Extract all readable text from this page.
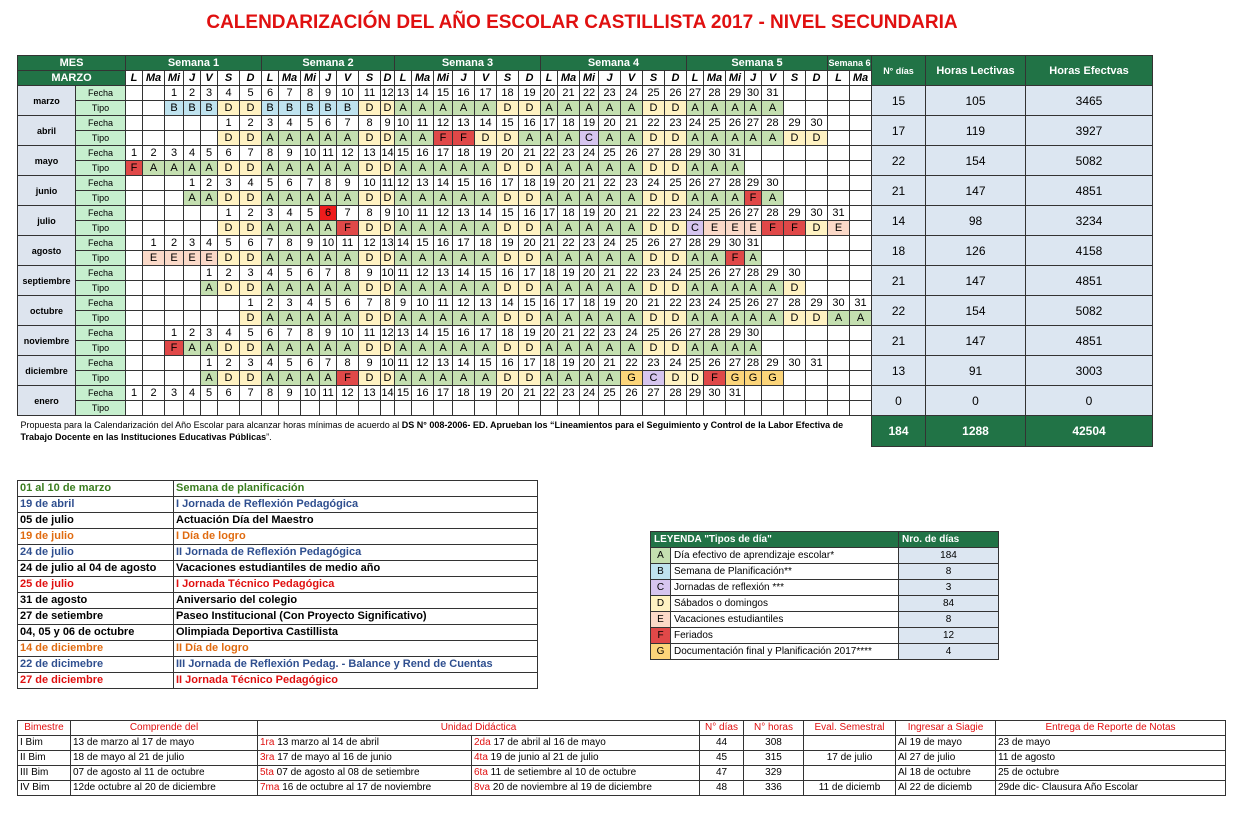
CALENDARIZACIÓN DEL AÑO ESCOLAR CASTILLISTA 2017 - NIVEL SECUNDARIA
MES		Semana 1							Semana 2							Semana 3							Semana 4							Semana 5							Semana 6		N° días	Horas Lectivas	Horas Efectvas
MARZO		L	Ma	Mi	J	V	S	D	L	Ma	Mi	J	V	S	D	L	Ma	Mi	J	V	S	D	L	Ma	Mi	J	V	S	D	L	Ma	Mi	J	V	S	D	L	Ma			
marzo	Fecha			1	2	3	4	5	6	7	8	9	10	11	12	13	14	15	16	17	18	19	20	21	22	23	24	25	26	27	28	29	30	31					15	105	3465
	Tipo			B	B	B	D	D	B	B	B	B	B	D	D	A	A	A	A	A	D	D	A	A	A	A	A	D	D	A	A	A	A	A							
abril	Fecha						1	2	3	4	5	6	7	8	9	10	11	12	13	14	15	16	17	18	19	20	21	22	23	24	25	26	27	28	29	30			17	119	3927
	Tipo						D	D	A	A	A	A	A	D	D	A	A	F	F	D	D	A	A	A	C	A	A	D	D	A	A	A	A	A	D	D					
mayo	Fecha	1	2	3	4	5	6	7	8	9	10	11	12	13	14	15	16	17	18	19	20	21	22	23	24	25	26	27	28	29	30	31							22	154	5082
	Tipo	F	A	A	A	A	D	D	A	A	A	A	A	D	D	A	A	A	A	A	D	D	A	A	A	A	A	D	D	A	A	A									
junio	Fecha				1	2	3	4	5	6	7	8	9	10	11	12	13	14	15	16	17	18	19	20	21	22	23	24	25	26	27	28	29	30					21	147	4851
	Tipo				A	A	D	D	A	A	A	A	A	D	D	A	A	A	A	A	D	D	A	A	A	A	A	D	D	A	A	A	F	A							
julio	Fecha						1	2	3	4	5	6	7	8	9	10	11	12	13	14	15	16	17	18	19	20	21	22	23	24	25	26	27	28	29	30	31		14	98	3234
	Tipo						D	D	A	A	A	A	F	D	D	A	A	A	A	A	D	D	A	A	A	A	A	D	D	C	E	E	E	F	F	D	E				
agosto	Fecha		1	2	3	4	5	6	7	8	9	10	11	12	13	14	15	16	17	18	19	20	21	22	23	24	25	26	27	28	29	30	31						18	126	4158
	Tipo		E	E	E	E	D	D	A	A	A	A	A	D	D	A	A	A	A	A	D	D	A	A	A	A	A	D	D	A	A	F	A								
septiembre	Fecha					1	2	3	4	5	6	7	8	9	10	11	12	13	14	15	16	17	18	19	20	21	22	23	24	25	26	27	28	29	30				21	147	4851
	Tipo					A	D	D	A	A	A	A	A	D	D	A	A	A	A	A	D	D	A	A	A	A	A	D	D	A	A	A	A	A	D						
octubre	Fecha							1	2	3	4	5	6	7	8	9	10	11	12	13	14	15	16	17	18	19	20	21	22	23	24	25	26	27	28	29	30	31	22	154	5082
	Tipo							D	A	A	A	A	A	D	D	A	A	A	A	A	D	D	A	A	A	A	A	D	D	A	A	A	A	A	D	D	A	A			
noviembre	Fecha			1	2	3	4	5	6	7	8	9	10	11	12	13	14	15	16	17	18	19	20	21	22	23	24	25	26	27	28	29	30						21	147	4851
	Tipo			F	A	A	D	D	A	A	A	A	A	D	D	A	A	A	A	A	D	D	A	A	A	A	A	D	D	A	A	A	A								
diciembre	Fecha					1	2	3	4	5	6	7	8	9	10	11	12	13	14	15	16	17	18	19	20	21	22	23	24	25	26	27	28	29	30	31			13	91	3003
	Tipo					A	D	D	A	A	A	A	F	D	D	A	A	A	A	A	D	D	A	A	A	A	G	C	D	D	F	G	G	G							
enero	Fecha	1	2	3	4	5	6	7	8	9	10	11	12	13	14	15	16	17	18	19	20	21	22	23	24	25	26	27	28	29	30	31							0	0	0
	Tipo																																								
Propuesta para la Calendarización del Año Escolar para alcanzar horas mínimas de acuerdo al DS N° 008-2006- ED. Aprueban los “Lineamientos para el Seguimiento y Control de la Labor Efectiva de Trabajo Docente en las Instituciones Educativas Públicas”.																																							184	1288	42504
01 al 10 de marzo	Semana de planificación
19 de abril	I Jornada de Reflexión Pedagógica
05 de julio	Actuación Día del Maestro
19 de julio	I Día de logro
24 de julio	II Jornada de Reflexión Pedagógica
24 de julio al 04 de agosto	Vacaciones estudiantiles de medio año
25 de julio	I Jornada Técnico Pedagógica
31 de agosto	Aniversario del colegio
27 de setiembre	Paseo Institucional (Con Proyecto Significativo)
04, 05 y 06 de octubre	Olimpiada Deportiva Castillista
14 de diciembre	II Día de logro
22 de dicimebre	III Jornada de Reflexión Pedag. - Balance y Rend de Cuentas
27 de diciembre	II Jornada Técnico Pedagógico
LEYENDA "Tipos de día"		Nro. de días
A	Día efectivo de aprendizaje escolar*	184
B	Semana de Planificación**	8
C	Jornadas de reflexión ***	3
D	Sábados o domingos	84
E	Vacaciones estudiantiles	8
F	Feriados	12
G	Documentación final y Planificación 2017****	4
Bimestre	Comprende del	Unidad Didáctica		N° días	N° horas	Eval. Semestral	Ingresar a Siagie	Entrega de Reporte de Notas
I Bim	13 de marzo al 17 de mayo	1ra 13 marzo al 14 de abril	2da 17 de abril al 16 de mayo	44	308		Al 19 de mayo	23 de mayo
II Bim	18 de mayo al 21 de julio	3ra 17 de mayo al 16 de junio	4ta 19 de junio al 21 de julio	45	315	17 de julio	Al 27 de julio	11 de agosto
III Bim	07 de agosto al 11 de octubre	5ta 07 de agosto al 08 de setiembre	6ta 11 de setiembre al 10 de octubre	47	329		Al 18 de octubre	25 de octubre
IV Bim	12de octubre al 20 de diciembre	7ma 16 de octubre al 17 de noviembre	8va 20 de noviembre al 19 de diciembre	48	336	11 de diciemb	Al 22 de diciemb	29de dic- Clausura Año Escolar
